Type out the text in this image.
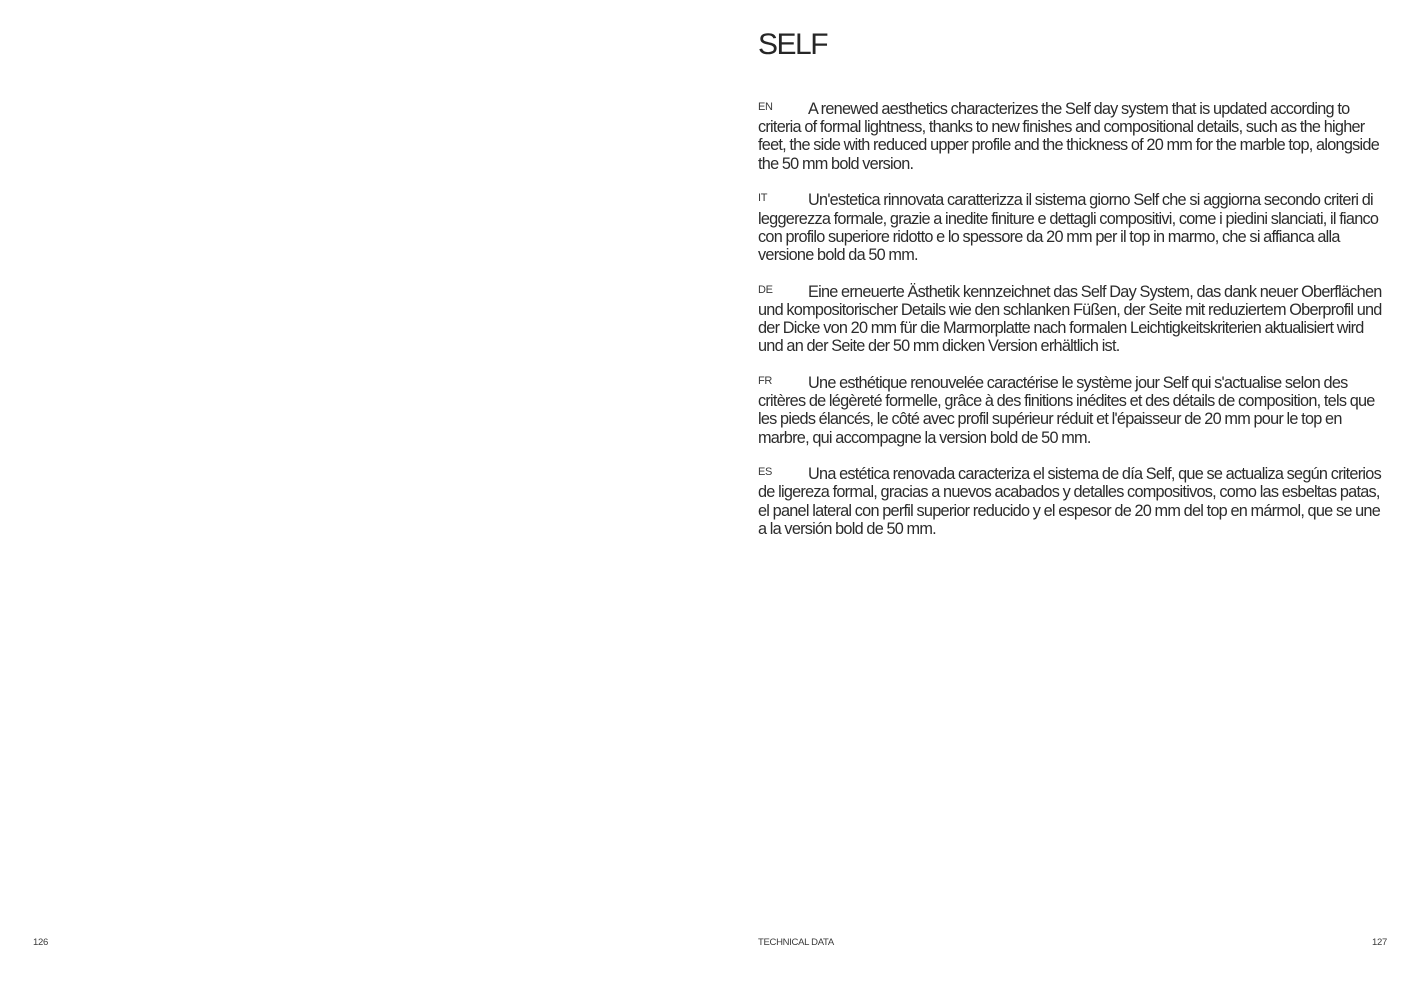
126
SELF

EN A renewed aesthetics characterizes the Self day system that is updated according to criteria of formal lightness, thanks to new finishes and compositional details, such as the higher feet, the side with reduced upper profile and the thickness of 20 mm for the marble top, alongside the 50 mm bold version.

IT	Un'estetica rinnovata caratterizza il sistema giorno Self che si aggiorna secondo criteri di leggerezza formale, grazie a inedite finiture e dettagli compositivi, come i piedini slanciati, il fianco con profilo superiore ridotto e lo spessore da 20 mm per il top in marmo, che si affianca alla versione bold da 50 mm.

DE Eine erneuerte Ästhetik kennzeichnet das Self Day System, das dank neuer Oberflächen und kompositorischer Details wie den schlanken Füßen, der Seite mit reduziertem Oberprofil und der Dicke von 20 mm für die Marmorplatte nach formalen Leichtigkeitskriterien aktualisiert wird und an der Seite der 50 mm dicken Version erhältlich ist.

FR Une esthétique renouvelée caractérise le système jour Self qui s'actualise selon des critères de légèreté formelle, grâce à des finitions inédites et des détails de composition, tels que les pieds élancés, le côté avec profil supérieur réduit et l'épaisseur de 20 mm pour le top en marbre, qui accompagne la version bold de 50 mm.

ES Una estética renovada caracteriza el sistema de día Self, que se actualiza según criterios de ligereza formal, gracias a nuevos acabados y detalles compositivos, como las esbeltas patas, el panel lateral con perfil superior reducido y el espesor de 20 mm del top en mármol, que se une a la versión bold de 50 mm.

TECHNICAL DATA	127
